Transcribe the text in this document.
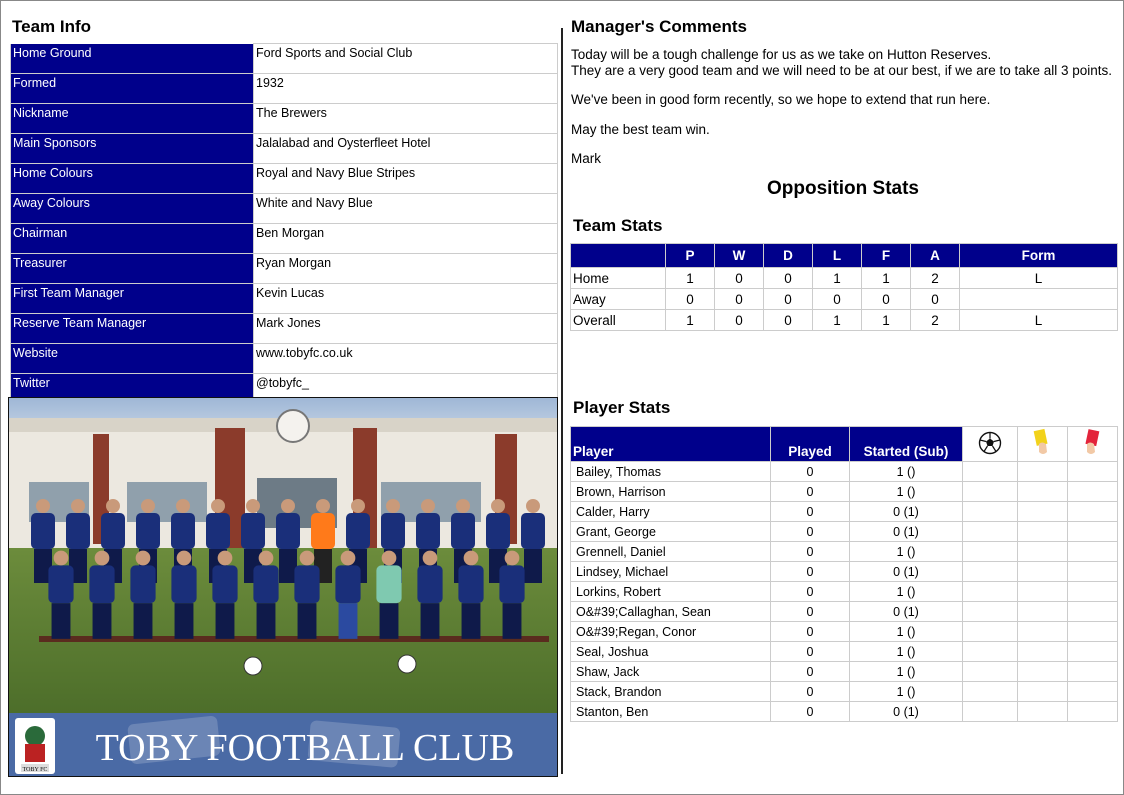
Team Info
Home Ground	Ford Sports and Social Club
Formed	1932
Nickname	The Brewers
Main Sponsors	Jalalabad and Oysterfleet Hotel
Home Colours	Royal and Navy Blue Stripes
Away Colours	White and Navy Blue
Chairman	Ben Morgan
Treasurer	Ryan Morgan
First Team Manager	Kevin Lucas
Reserve Team Manager	Mark Jones
Website	www.tobyfc.co.uk
Twitter	@tobyfc_
TOBY FC
TOBY FOOTBALL CLUB
Manager's Comments

Today will be a tough challenge for us as we take on Hutton Reserves.
They are a very good team and we will need to be at our best, if we are to take all 3 points.

We've been in good form recently, so we hope to extend that run here.

May the best team win.

Mark

Opposition Stats
Team Stats
	P	W	D	L	F	A	Form
Home	1	0	0	1	1	2	L
Away	0	0	0	0	0	0	
Overall	1	0	0	1	1	2	L
Player Stats
Player	Played	Started (Sub)			
Bailey, Thomas	0	1 ()			
Brown, Harrison	0	1 ()			
Calder, Harry	0	0 (1)			
Grant, George	0	0 (1)			
Grennell, Daniel	0	1 ()			
Lindsey, Michael	0	0 (1)			
Lorkins, Robert	0	1 ()			
O&#39;Callaghan, Sean	0	0 (1)			
O&#39;Regan, Conor	0	1 ()			
Seal, Joshua	0	1 ()			
Shaw, Jack	0	1 ()			
Stack, Brandon	0	1 ()			
Stanton, Ben	0	0 (1)			
